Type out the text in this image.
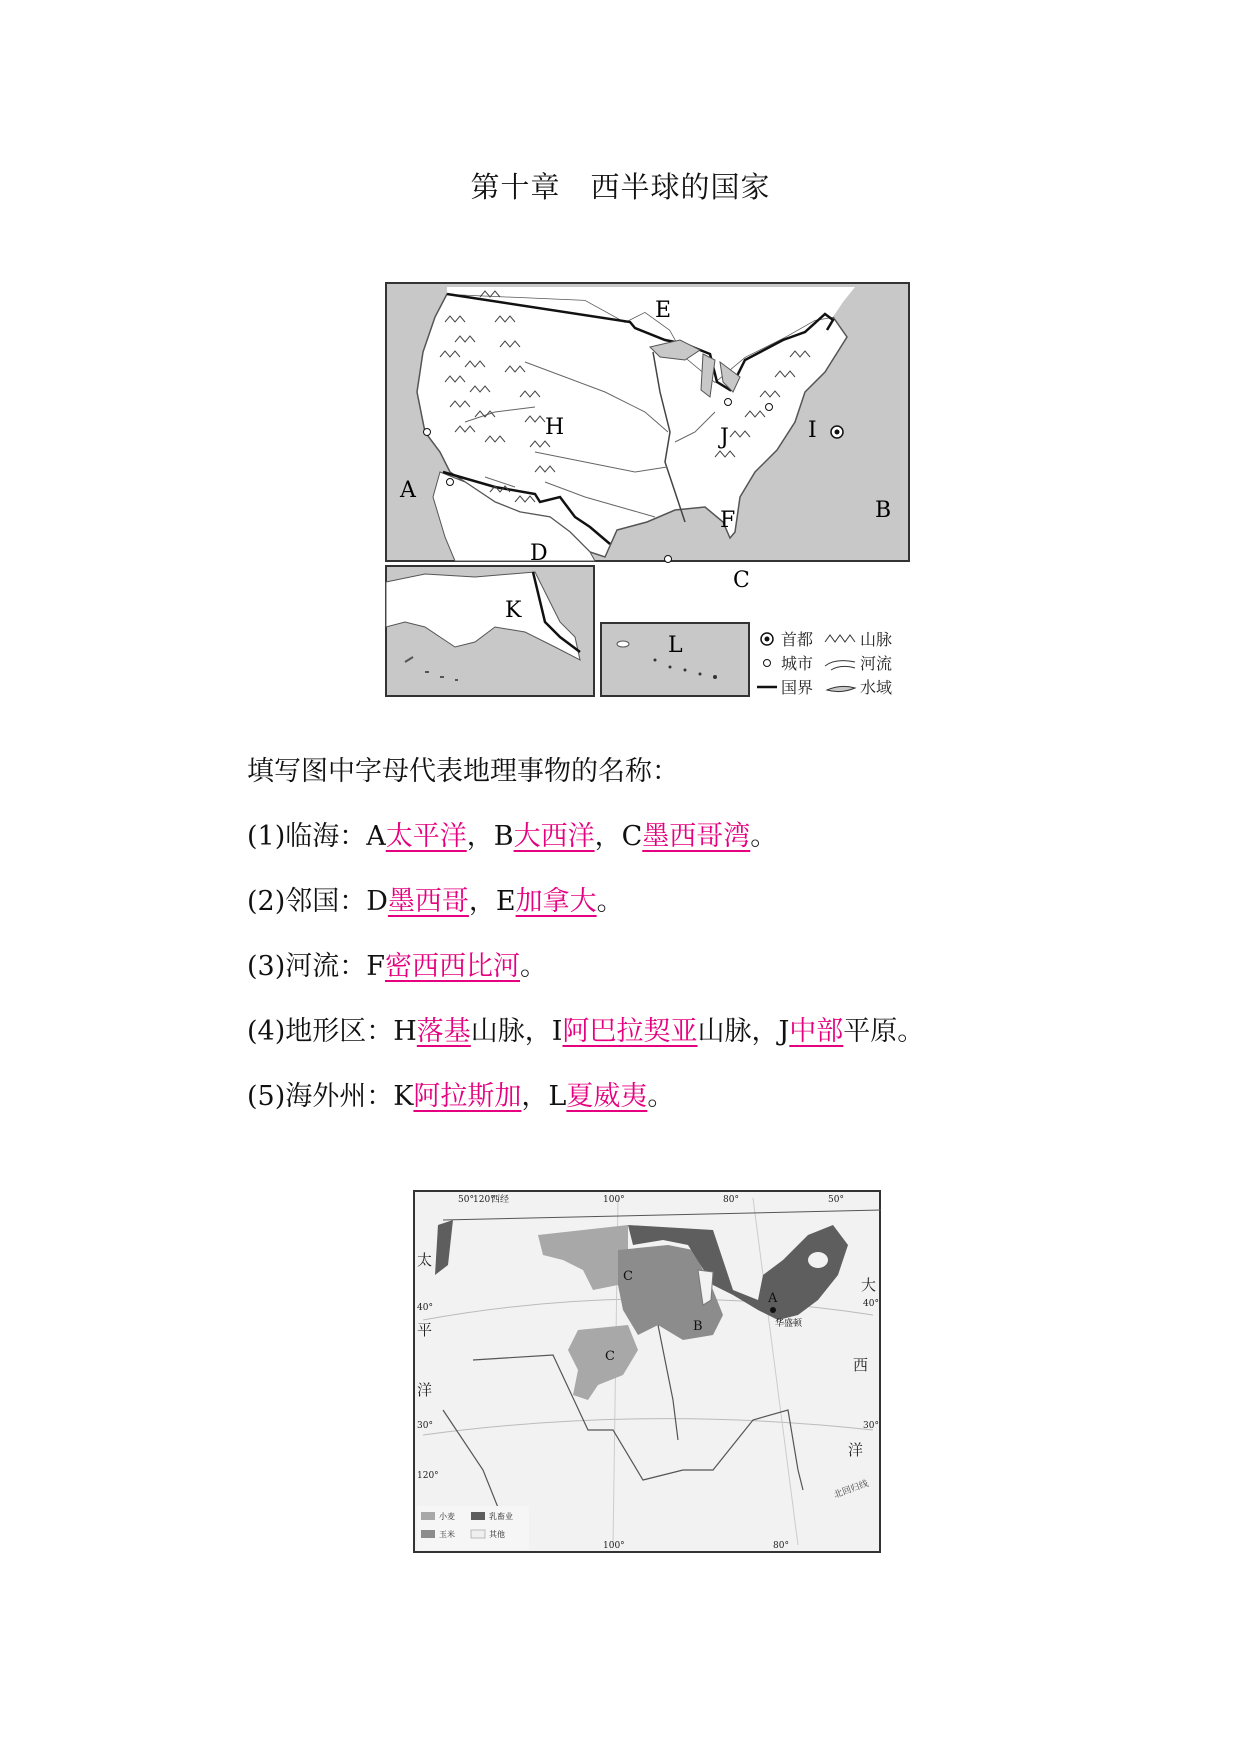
第十章　西半球的国家
E
A
B
H	J	I
F
D
C
K
L	首都	山脉
城市	河流
国界	水域
填写图中字母代表地理事物的名称：
(1)临海：A太平洋，B大西洋，C墨西哥湾。
(2)邻国：D墨西哥，E加拿大。
(3)河流：F密西西比河。
(4)地形区：H落基山脉，I阿巴拉契亚山脉，J中部平原。
(5)海外州：K阿拉斯加，L夏威夷。
50° 120°
西经	100°	80°	50°
100°	80°
40°
30°
120°
40°
30°
太
平
洋
大
西
洋
A
B
C
C
华盛顿
北回归线
小麦	乳畜业
玉米	其他
